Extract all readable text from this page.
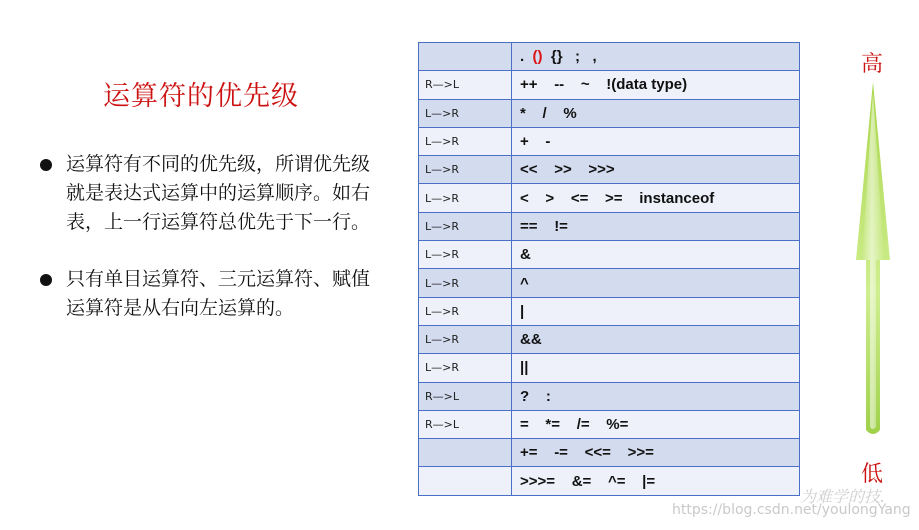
运算符的优先级
运算符有不同的优先级，所谓优先级就是表达式运算中的运算顺序。如右表，上一行运算符总优先于下一行。
只有单目运算符、三元运算符、赋值运算符是从右向左运算的。
	.  ()  {}   ;   ,
R—>L	++    --    ~    !(data type)
L—>R	*    /    %
L—>R	+    -
L—>R	<<    >>    >>>
L—>R	<    >    <=    >=    instanceof
L—>R	==    !=
L—>R	&
L—>R	^
L—>R	|
L—>R	&&
L—>R	||
R—>L	?    :
R—>L	=    *=    /=    %=
	+=    -=    <<=    >>=
	>>>=    &=    ^=    |=
高
低
为难学的技.
https://blog.csdn.net/youlongYang
